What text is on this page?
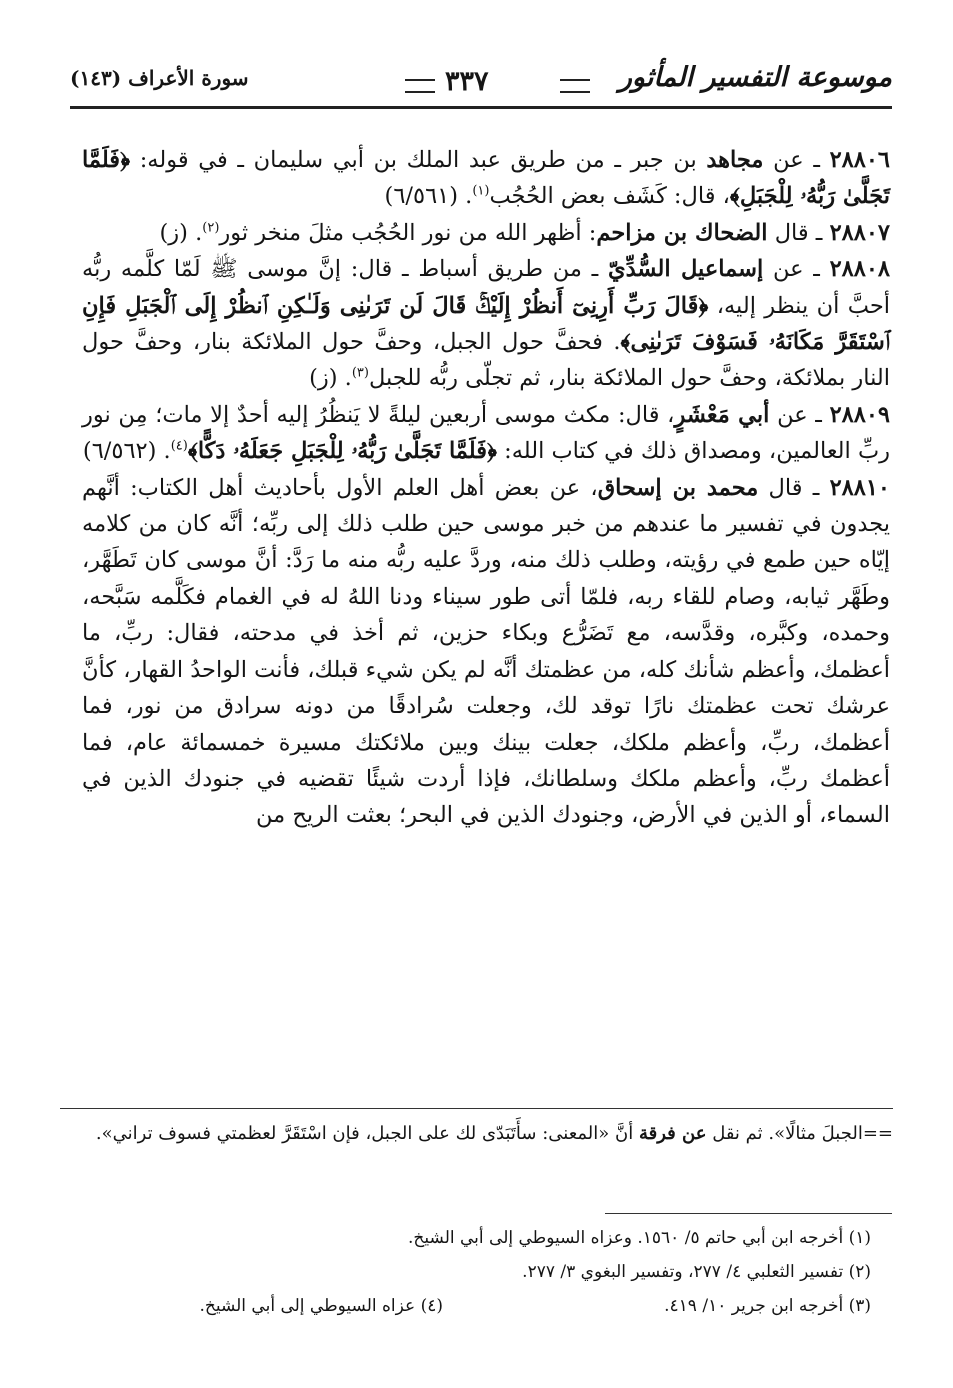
موسوعة التفسير المأثور
٣٣٧
سورة الأعراف (١٤٣)

٢٨٨٠٦ ـ عن مجاهد بن جبر ـ من طريق عبد الملك بن أبي سليمان ـ في قوله: ﴿فَلَمَّا تَجَلَّىٰ رَبُّهُۥ لِلْجَبَلِ﴾، قال: كَشَف بعض الحُجُب$^{(١)}$. (٦/٥٦١)

٢٨٨٠٧ ـ قال الضحاك بن مزاحم: أظهر الله من نور الحُجُب مثلَ منخر ثور$^{(٢)}$. (ز)

٢٨٨٠٨ ـ عن إسماعيل السُّدِّيّ ـ من طريق أسباط ـ قال: إنَّ موسى ﷺ لَمّا كلَّمه ربُّه أحبَّ أن ينظر إليه، ﴿قَالَ رَبِّ أَرِنِىٓ أَنظُرْ إِلَيْكَۚ قَالَ لَن تَرَىٰنِى وَلَـٰكِنِ ٱنظُرْ إِلَى ٱلْجَبَلِ فَإِنِ ٱسْتَقَرَّ مَكَانَهُۥ فَسَوْفَ تَرَىٰنِى﴾. فحفَّ حول الجبل، وحفَّ حول الملائكة بنار، وحفَّ حول النار بملائكة، وحفَّ حول الملائكة بنار، ثم تجلّى ربُّه للجبل$^{(٣)}$. (ز)

٢٨٨٠٩ ـ عن أبي مَعْشَرٍ، قال: مكث موسى أربعين ليلةً لا يَنظُرُ إليه أحدٌ إلا مات؛ مِن نور ربِّ العالمين، ومصداق ذلك في كتاب الله: ﴿فَلَمَّا تَجَلَّىٰ رَبُّهُۥ لِلْجَبَلِ جَعَلَهُۥ دَكًّا﴾$^{(٤)}$. (٦/٥٦٢)

٢٨٨١٠ ـ قال محمد بن إسحاق، عن بعض أهل العلم الأول بأحاديث أهل الكتاب: أنَّهم يجدون في تفسير ما عندهم من خبر موسى حين طلب ذلك إلى ربِّه؛ أنَّه كان من كلامه إيّاه حين طمع في رؤيته، وطلب ذلك منه، وردَّ عليه ربُّه منه ما رَدَّ: أنَّ موسى كان تَطَهَّر، وطَهَّر ثيابه، وصام للقاء ربه، فلمّا أتى طور سيناء ودنا اللهُ له في الغمام فكَلَّمه سَبَّحه، وحمده، وكبَّره، وقدَّسه، مع تَضَرُّع وبكاء حزين، ثم أخذ في مدحته، فقال: ربِّ، ما أعظمك، وأعظم شأنك كله، من عظمتك أنَّه لم يكن شيء قبلك، فأنت الواحدُ القهار، كأنَّ عرشك تحت عظمتك نارًا توقد لك، وجعلت سُرادقًا من دونه سرادق من نور، فما أعظمك، ربِّ، وأعظم ملكك، جعلت بينك وبين ملائكتك مسيرة خمسمائة عام، فما أعظمك ربِّ، وأعظم ملكك وسلطانك، فإذا أردت شيئًا تقضيه في جنودك الذين في السماء، أو الذين في الأرض، وجنودك الذين في البحر؛ بعثت الريح من

==الجبلَ مثالًا». ثم نقل عن فرقة أنَّ «المعنى: سأَتَبَدّى لك على الجبل، فإن اسْتَقَرَّ لعظمتي فسوف تراني».
(١) أخرجه ابن أبي حاتم ٥/ ١٥٦٠. وعزاه السيوطي إلى أبي الشيخ.
(٢) تفسير الثعلبي ٤/ ٢٧٧، وتفسير البغوي ٣/ ٢٧٧.
(٣) أخرجه ابن جرير ١٠/ ٤١٩.
(٤) عزاه السيوطي إلى أبي الشيخ.
